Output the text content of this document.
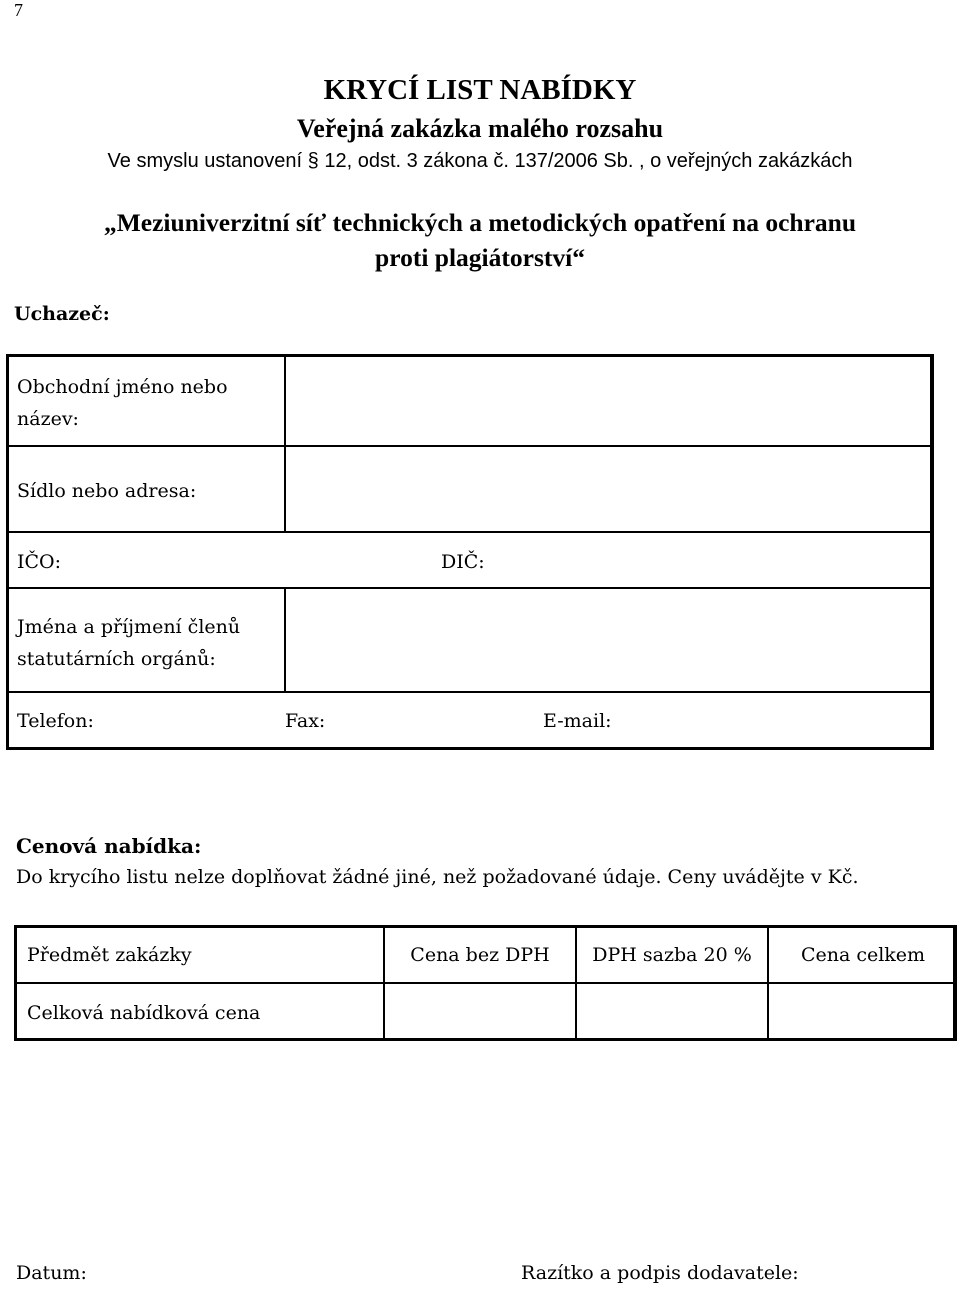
7
KRYCÍ LIST NABÍDKY
Veřejná zakázka malého rozsahu
Ve smyslu ustanovení § 12, odst. 3 zákona č. 137/2006 Sb. , o veřejných zakázkách
„Meziuniverzitní síť technických a metodických opatření na ochranu
proti plagiátorství“
Uchazeč:
Obchodní jméno nebo
název:
Sídlo nebo adresa:
IČO:	DIČ:
Jména a příjmení členů
statutárních orgánů:
Telefon:	Fax:	E-mail:
Cenová nabídka:
Do krycího listu nelze doplňovat žádné jiné, než požadované údaje. Ceny uvádějte v Kč.
Předmět zakázky	Cena bez DPH	DPH sazba 20 %	Cena celkem
Celková nabídková cena
Datum:	Razítko a podpis dodavatele:
